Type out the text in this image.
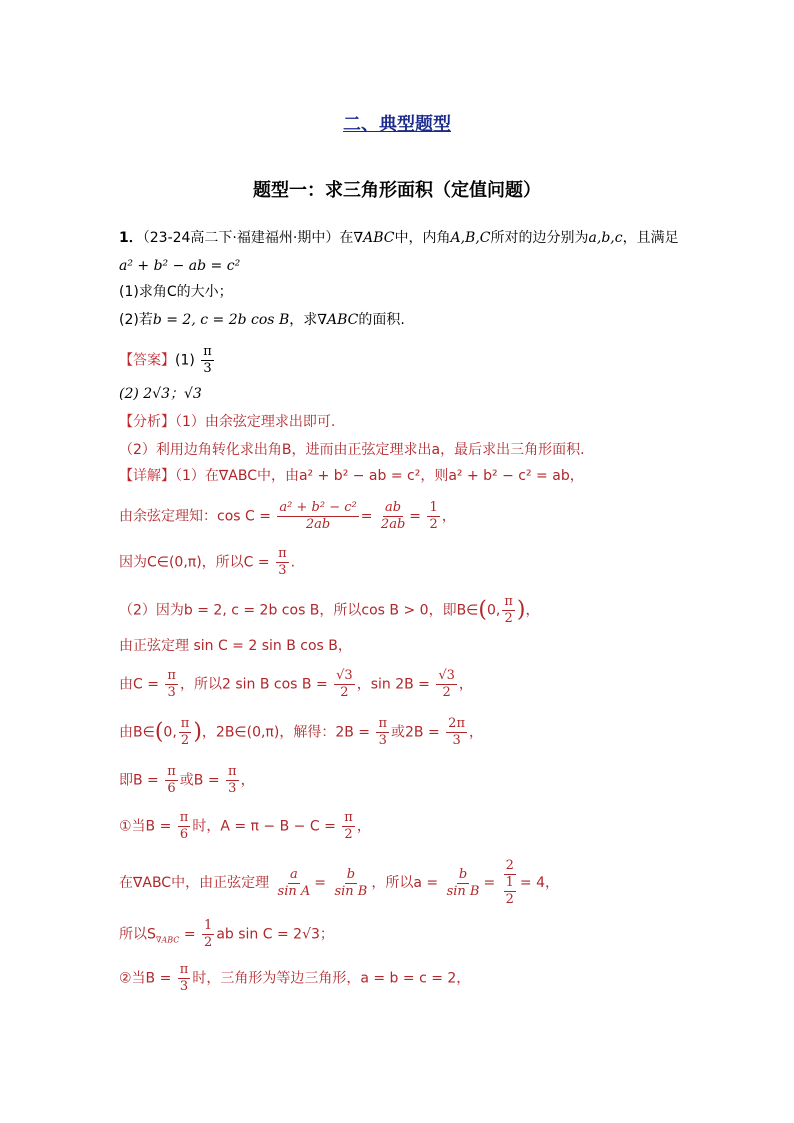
二、典型题型
题型一：求三角形面积（定值问题）
1．（23-24高二下·福建福州·期中）在∇ABC中，内角A,B,C所对的边分别为a,b,c，且满足
a² + b² − ab = c²
(1)求角C的大小；
(2)若b = 2, c = 2b cos B，求∇ABC的面积.
【答案】$(1) \frac{\pi}{3}$
(2) 2√3；√3
【分析】（1）由余弦定理求出即可.
（2）利用边角转化求出角B，进而由正弦定理求出a，最后求出三角形面积.
【详解】（1）在∇ABC中，由a² + b² − ab = c²，则a² + b² − c² = ab，
由余弦定理知：$\cos C = \frac{\text{a² + b² − c²}}{2ab} = \frac{ab}{2ab} = \frac{1}{2}$ ，
因为C∈(0,π)，所以$C = \frac{\pi}{3}$ .
（2）因为b = 2, c = 2b cos B，所以cos B > 0，即B∈(0, $\frac{\pi}{2}$ )，
由正弦定理 sin C = 2 sin B cos B，
由$C = \frac{\pi}{3}$ ，所以2 sin B $\cos B = \frac{√3}{2}$ ，$\sin 2B = \frac{√3}{2}$ ，
由B∈(0, $\frac{\pi}{2}$ )，2B∈(0,π)，解得：$2B = \frac{\pi}{3}$ 或$2B = \frac{2\pi}{3}$ ，
即$B = \frac{\pi}{6}$ 或$B = \frac{\pi}{3}$ ，
①当$B = \frac{\pi}{6}$ 时，$A = \pi - B - C = \frac{\pi}{2}$ ，
在∇ABC中，由正弦定理 $\frac{a}{\text{sin A}} = \frac{b}{\text{sin B}}$ ，所以$a = \frac{b}{\text{sin B}} = \frac{2}{\frac{1}{2}} = 4$，
所以$S_{\nabla ABC} = \frac{1}{2}$ ab sin C = 2√3；
②当$B = \frac{\pi}{3}$ 时，三角形为等边三角形，a = b = c = 2，
